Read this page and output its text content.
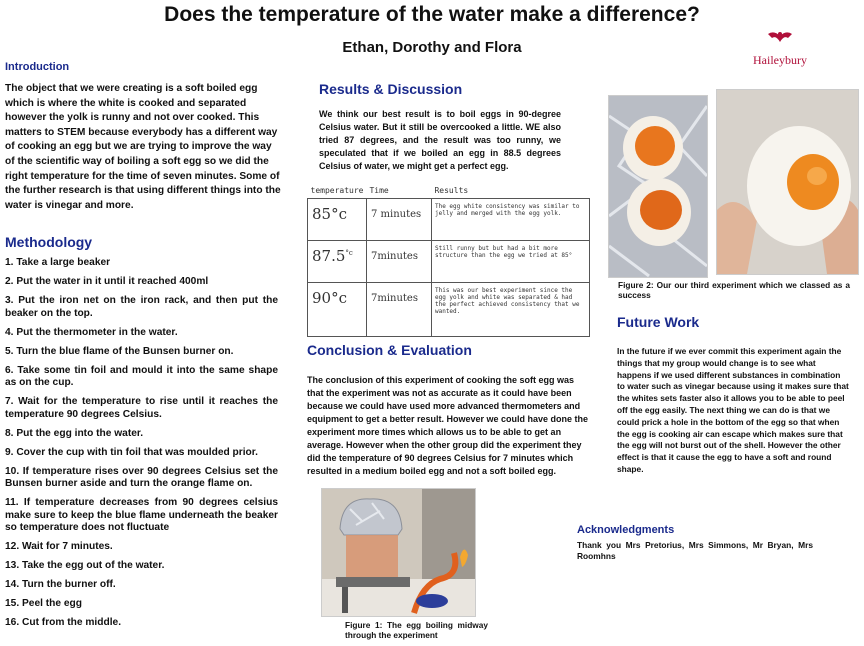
Does the temperature of the water make a difference?
Ethan, Dorothy and Flora
Haileybury
Introduction
The object that we were creating is a soft boiled egg which is where the white is cooked and separated however the yolk is runny and not over cooked. This matters to STEM because everybody has a different way of cooking an egg but we are trying to improve the way of the scientific way of boiling a soft egg so we did the right temperature for the time of seven minutes. Some of the further research is that using different things into the water is vinegar and more.
Methodology
1. Take a large beaker
2. Put the water in it until it reached 400ml
3. Put the iron net on the iron rack, and then put the beaker on the top.
4. Put the thermometer in the water.
5. Turn the blue flame of the Bunsen burner on.
6. Take some tin foil and mould it into the same shape as on the cup.
7. Wait for the temperature to rise until it reaches the temperature 90 degrees Celsius.
8. Put the egg into the water.
9. Cover the cup with tin foil that was moulded prior.
10. If temperature rises over 90 degrees Celsius set the Bunsen burner aside and turn the orange flame on.
11. If temperature decreases from 90 degrees celsius make sure to keep the blue flame underneath the beaker so temperature does not fluctuate
12. Wait for 7 minutes.
13. Take the egg out of the water.
14. Turn the burner off.
15. Peel the egg
16. Cut from the middle.
Results & Discussion
We think our best result is to boil eggs in 90-degree Celsius water. But it still be overcooked a little. WE also tried 87 degrees, and the result was too runny, we speculated that if we boiled an egg in 88.5 degrees Celsius of water, we might get a perfect egg.
temperature	Time	Results
85°c	7 minutes	The egg white consistency was similar to jelly and merged with the egg yolk.
$87.5^{^\circ c}$	7minutes	Still runny but but had a bit more structure than the egg we tried at 85°
90°c	7minutes	This was our best experiment since the egg yolk and white was separated & had the perfect achieved consistency that we wanted.
Conclusion & Evaluation
The conclusion of this experiment of cooking the soft egg was that the experiment was not as accurate as it could have been because we could have used more advanced thermometers and equipment to get a better result. However we could have done the experiment more times which allows us to be able to get an average. However when the other group did the experiment they did the temperature of 90 degrees Celsius for 7 minutes which resulted in a medium boiled egg and not a soft boiled egg.
Figure 1: The egg boiling midway through the experiment
Figure 2: Our our third experiment which we classed as a success
Future Work
In the future if we ever commit this experiment again the things that my group would change is to see what happens if we used different substances in combination to water such as vinegar because using it makes sure that the whites sets faster also it allows you to be able to peel off the egg easily. The next thing we can do is that we could prick a hole in the bottom of the egg so that when the egg is cooking air can escape which makes sure that the egg will not burst out of the shell. However the other effect is that it cause the egg to have a soft and round shape.
Acknowledgments
Thank you Mrs Pretorius, Mrs Simmons, Mr Bryan, Mrs Roomhns
